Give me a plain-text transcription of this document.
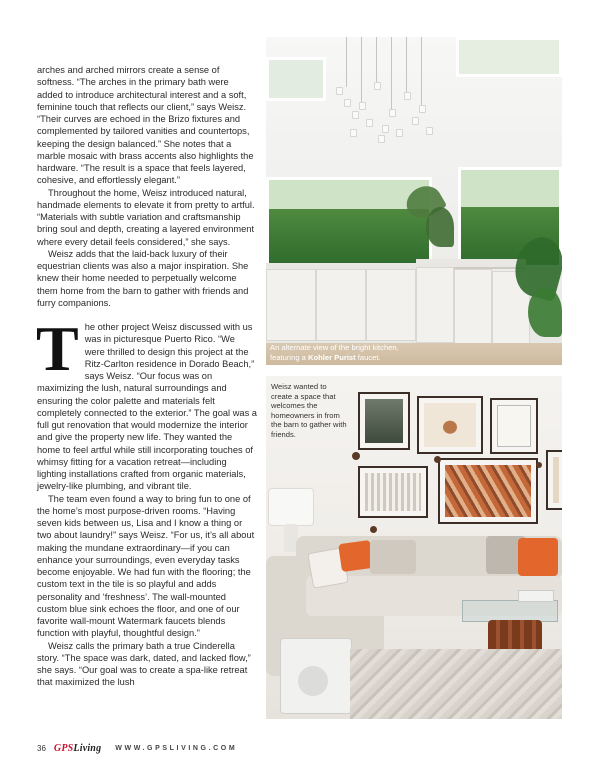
arches and arched mirrors create a sense of softness. “The arches in the primary bath were added to introduce architectural interest and a soft, feminine touch that reflects our client,” says Weisz. “Their curves are echoed in the Brizo fixtures and complemented by tailored vanities and countertops, keeping the design balanced.” She notes that a marble mosaic with brass accents also highlights the hardware. “The result is a space that feels layered, cohesive, and effortlessly elegant.”

Throughout the home, Weisz introduced natural, handmade elements to elevate it from pretty to artful. “Materials with subtle variation and craftsmanship bring soul and depth, creating a layered environment where every detail feels considered,” she says.

Weisz adds that the laid-back luxury of their equestrian clients was also a major inspiration. She knew their home needed to perpetually welcome them home from the barn to gather with friends and furry companions.

The other project Weisz discussed with us was in picturesque Puerto Rico. “We were thrilled to design this project at the Ritz-Carlton residence in Dorado Beach,” says Weisz. “Our focus was on maximizing the lush, natural surroundings and ensuring the color palette and materials felt completely connected to the exterior.” The goal was a full gut renovation that would modernize the interior and give the property new life. They wanted the home to feel artful while still incorporating touches of whimsy fitting for a vacation retreat—including lighting installations crafted from organic materials, jewelry-like plumbing, and vibrant tile.

The team even found a way to bring fun to one of the home’s most purpose-driven rooms. “Having seven kids between us, Lisa and I know a thing or two about laundry!” says Weisz. “For us, it’s all about making the mundane extraordinary—if you can enhance your surroundings, even everyday tasks become enjoyable. We had fun with the flooring; the custom text in the tile is so playful and adds personality and ‘freshness’. The wall-mounted custom blue sink echoes the floor, and one of our favorite wall-mount Watermark faucets blends function with playful, thoughtful design.”

Weisz calls the primary bath a true Cinderella story. “The space was dark, dated, and lacked flow,” she says. “Our goal was to create a spa-like retreat that maximized the lush

An alternate view of the bright kitchen, featuring a Kohler Purist faucet.
Weisz wanted to create a space that welcomes the homeowners in from the barn to gather with friends.
36 GPSLiving WWW.GPSLIVING.COM
